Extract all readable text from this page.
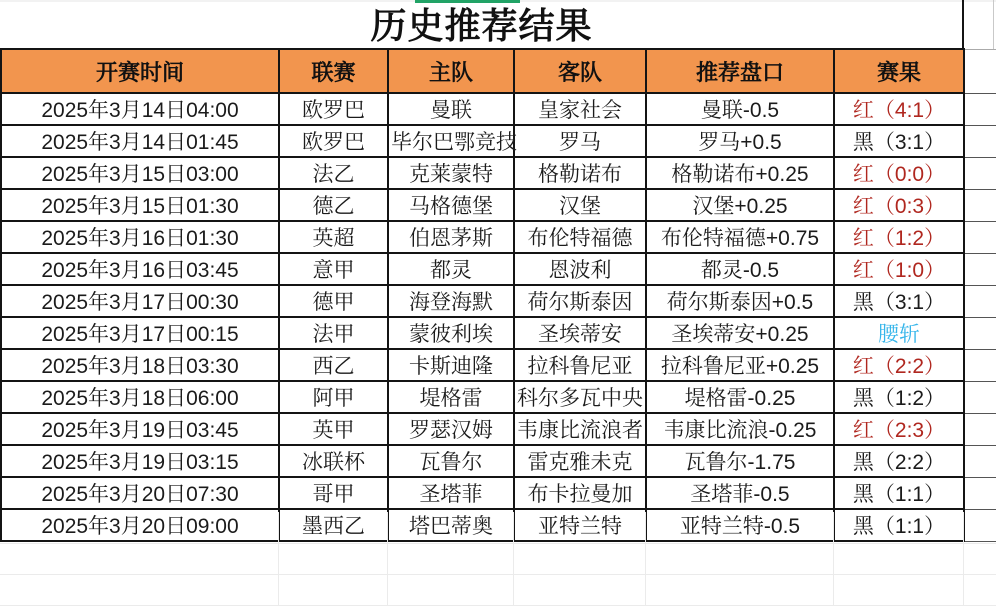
历史推荐结果
开赛时间	联赛	主队	客队	推荐盘口	赛果	
2025年3月14日04:00	欧罗巴	曼联	皇家社会	曼联-0.5	红（4:1）	
2025年3月14日01:45	欧罗巴	毕尔巴鄂竞技	罗马	罗马+0.5	黑（3:1）	
2025年3月15日03:00	法乙	克莱蒙特	格勒诺布	格勒诺布+0.25	红（0:0）	
2025年3月15日01:30	德乙	马格德堡	汉堡	汉堡+0.25	红（0:3）	
2025年3月16日01:30	英超	伯恩茅斯	布伦特福德	布伦特福德+0.75	红（1:2）	
2025年3月16日03:45	意甲	都灵	恩波利	都灵-0.5	红（1:0）	
2025年3月17日00:30	德甲	海登海默	荷尔斯泰因	荷尔斯泰因+0.5	黑（3:1）	
2025年3月17日00:15	法甲	蒙彼利埃	圣埃蒂安	圣埃蒂安+0.25	腰斩	
2025年3月18日03:30	西乙	卡斯迪隆	拉科鲁尼亚	拉科鲁尼亚+0.25	红（2:2）	
2025年3月18日06:00	阿甲	堤格雷	科尔多瓦中央	堤格雷-0.25	黑（1:2）	
2025年3月19日03:45	英甲	罗瑟汉姆	韦康比流浪者	韦康比流浪-0.25	红（2:3）	
2025年3月19日03:15	冰联杯	瓦鲁尔	雷克雅未克	瓦鲁尔-1.75	黑（2:2）	
2025年3月20日07:30	哥甲	圣塔菲	布卡拉曼加	圣塔菲-0.5	黑（1:1）	
2025年3月20日09:00	墨西乙	塔巴蒂奥	亚特兰特	亚特兰特-0.5	黑（1:1）	
